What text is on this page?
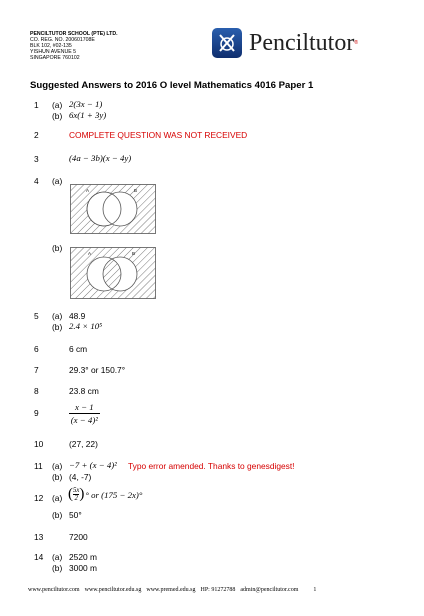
PENCILTUTOR SCHOOL (PTE) LTD.
CO. REG. NO. 200601708E
BLK 102, #02-135
YISHUN AVENUE 5
SINGAPORE 760102
Penciltutor ®
Suggested Answers to 2016 O level Mathematics 4016 Paper 1
1 (a) 2(3x − 1)
(b) 6x(1 + 3y)
2	COMPLETE QUESTION WAS NOT RECEIVED
3	(4a − 3b)(x − 4y)
4 (a)
A	B
(b)
A	B
5 (a) 48.9
(b) 2.4 × 10⁵
6	6 cm
7	29.3° or 150.7°
8	23.8 cm
9
x − 1
(x − 4)²
10	(27, 22)
11 (a) −7 + (x − 4)² Typo error amended. Thanks to genesdigest!
(b) (4, -7)
12 (a) ( 5x
2 ) ° or (175 − 2x)°
(b) 50°
13	7200
14 (a) 2520 m
(b) 3000 m
www.penciltutor.com www.penciltutor.edu.sg www.premed.edu.sg HP: 91272788 admin@penciltutor.com	1
